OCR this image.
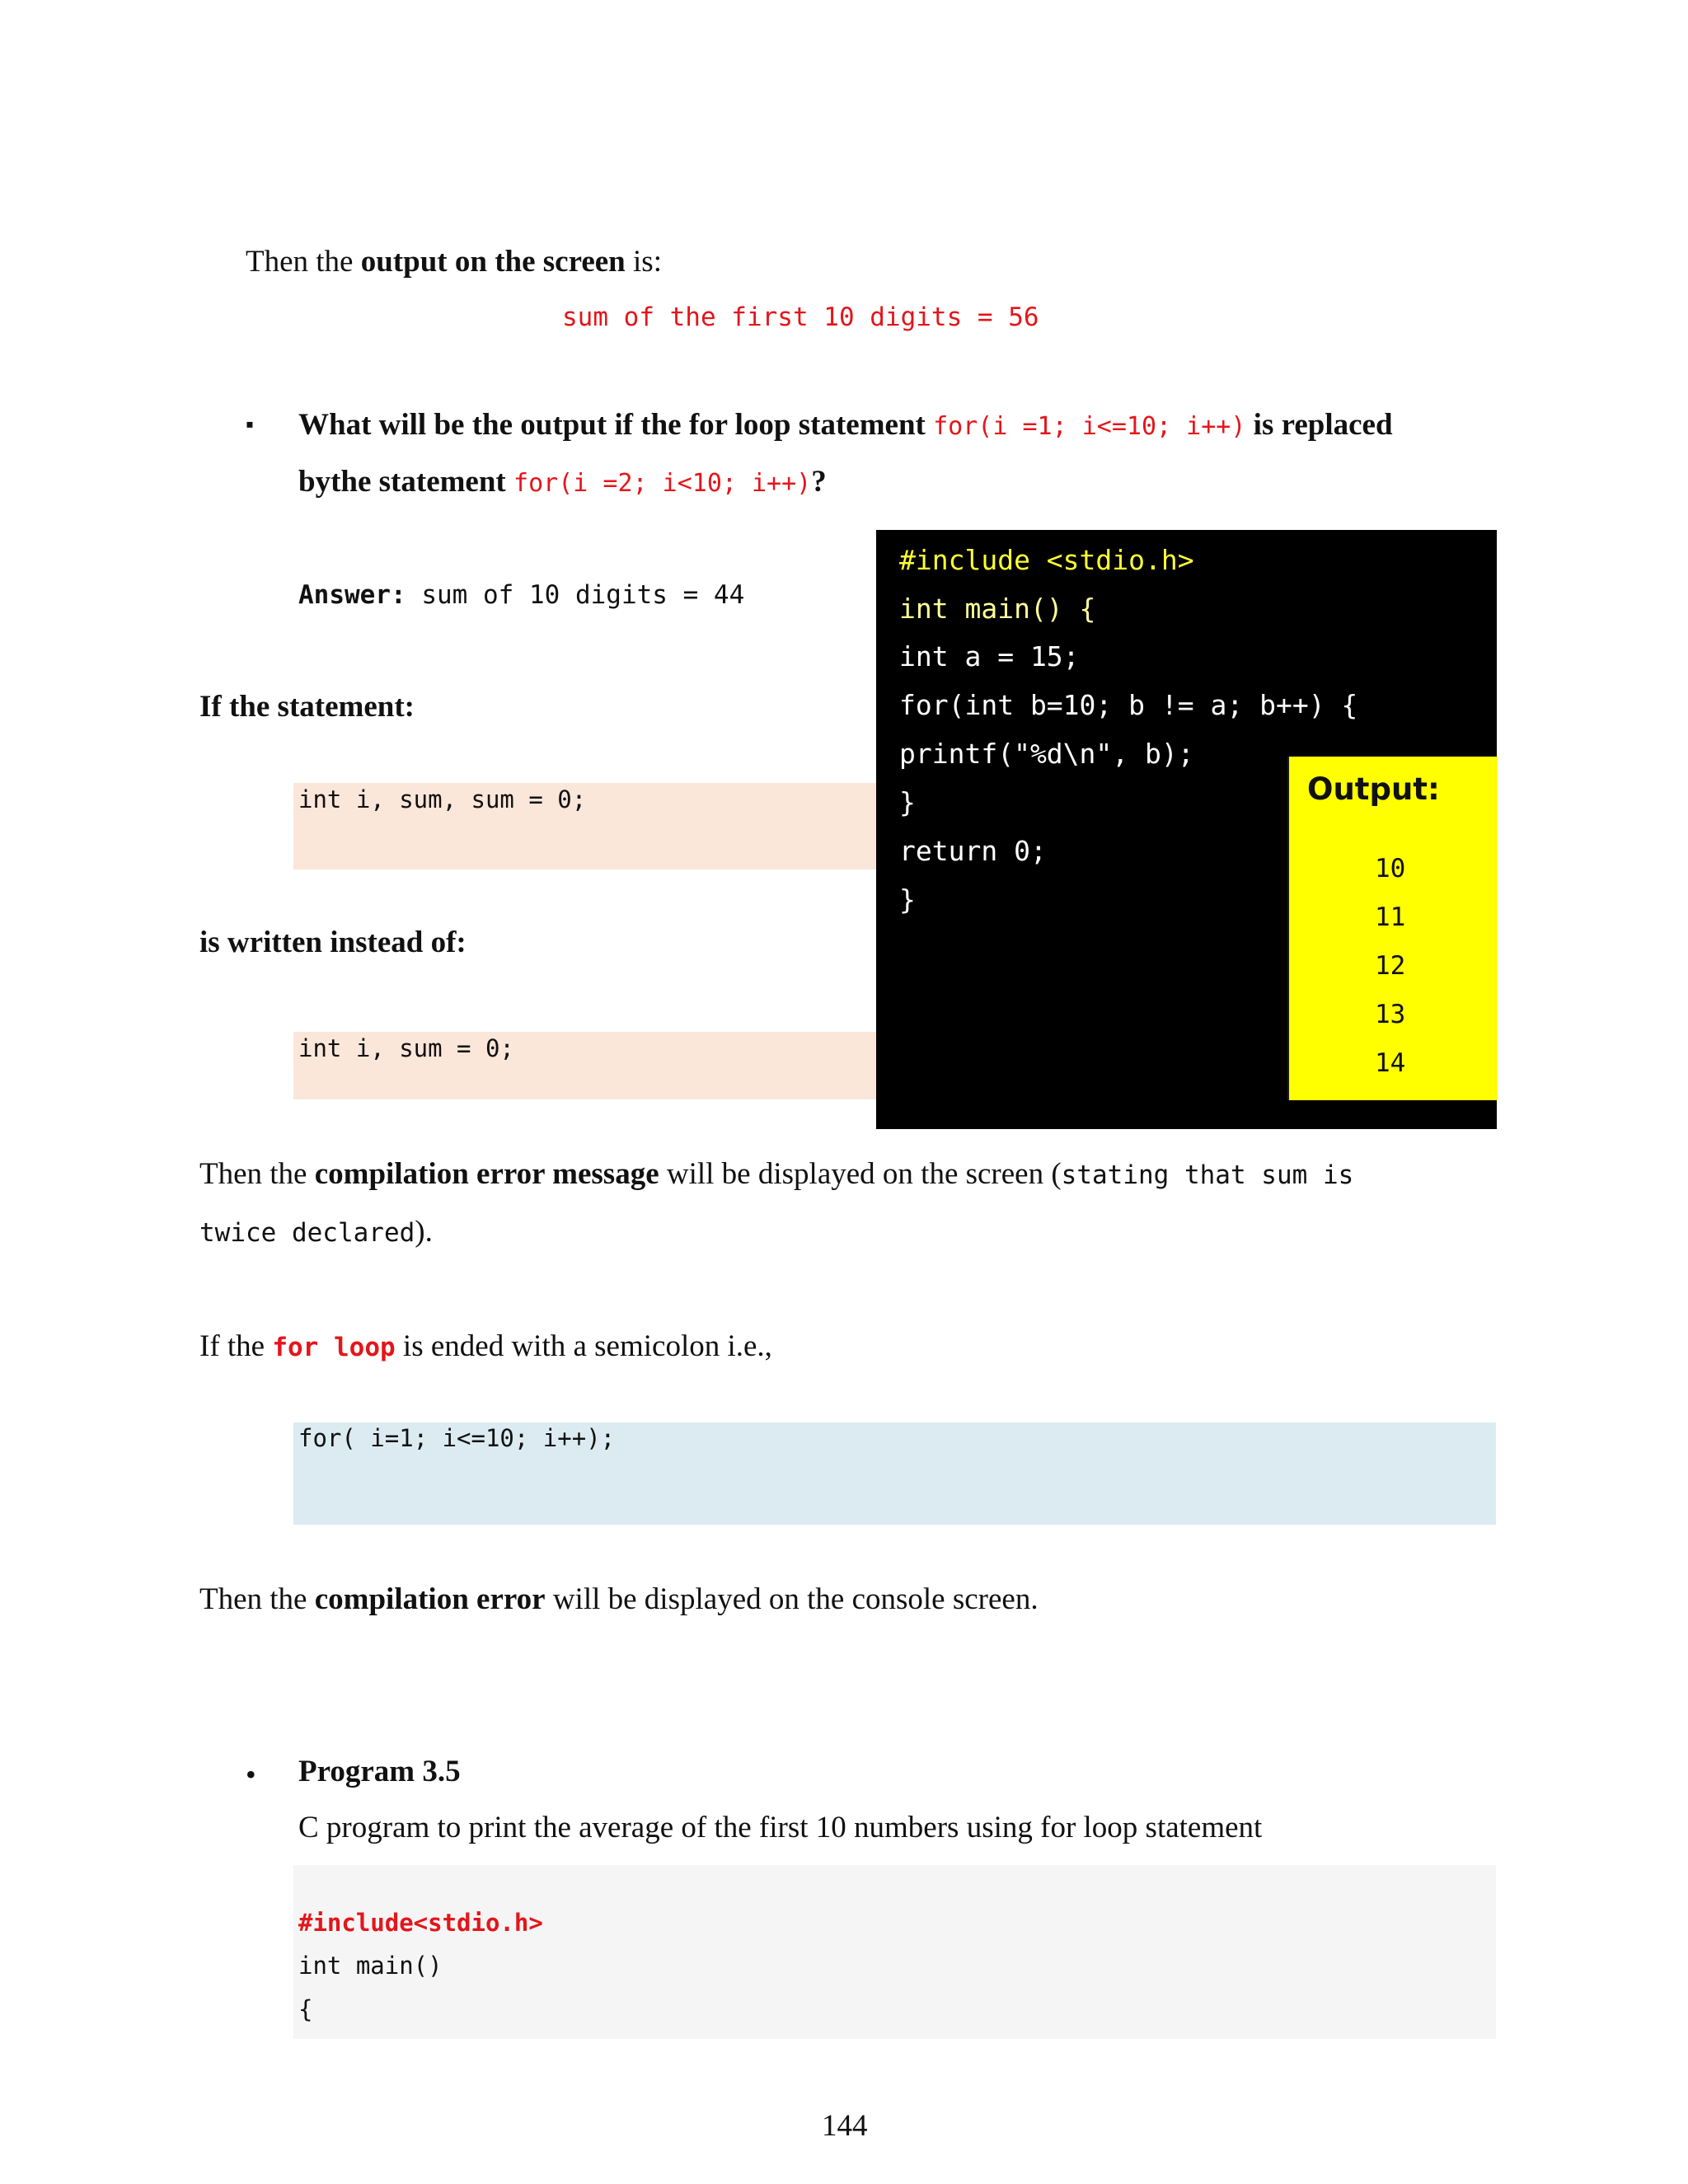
Then the output on the screen is:
sum of the first 10 digits = 56
▪ What will be the output if the for loop statement for(i =1; i<=10; i++) is replaced
bythe statement for(i =2; i<10; i++)?
Answer: sum of 10 digits = 44
If the statement:
int i, sum, sum = 0;
is written instead of:
int i, sum = 0;
#include <stdio.h>
int main() {
int a = 15;
for(int b=10; b != a; b++) {
printf("%d\n", b);
}
return 0;
}
Output:
10
11
12
13
14
Then the compilation error message will be displayed on the screen (stating that sum is
twice declared).
If the for loop is ended with a semicolon i.e.,
for( i=1; i<=10; i++);
Then the compilation error will be displayed on the console screen.
• Program 3.5
C program to print the average of the first 10 numbers using for loop statement
#include<stdio.h>
int main()
{
144
